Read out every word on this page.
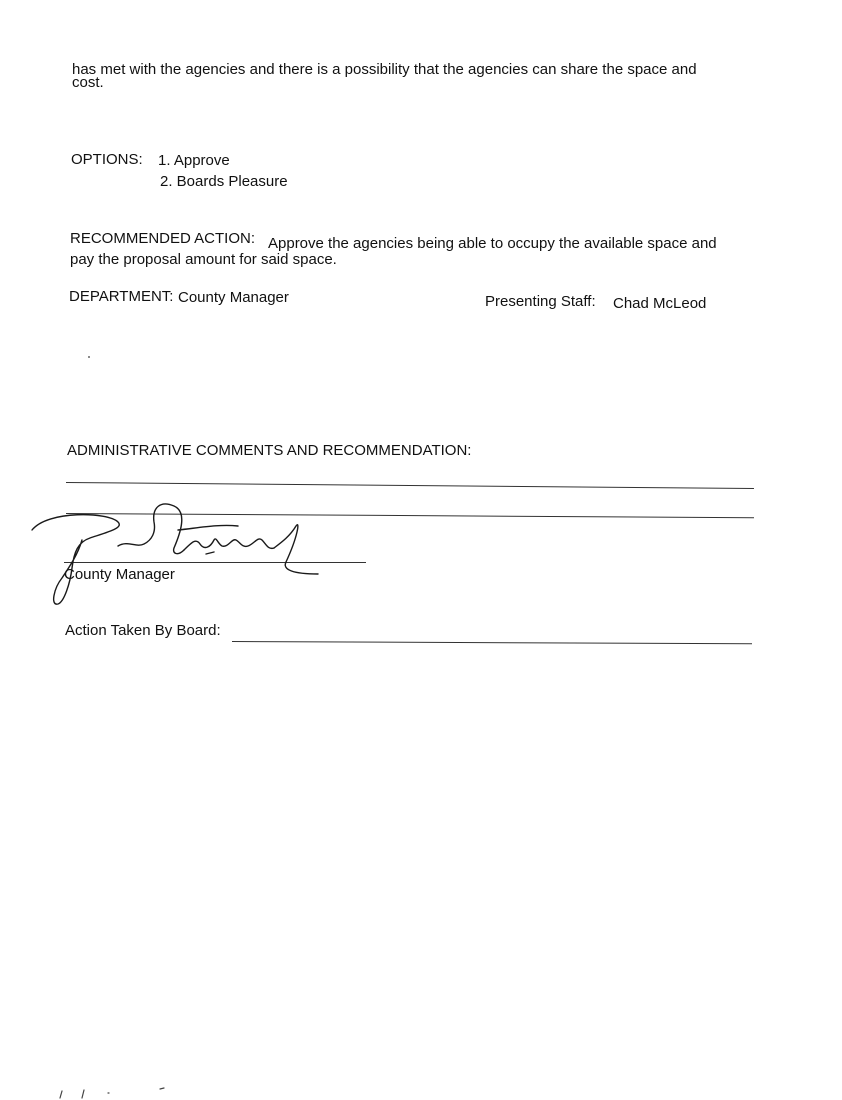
has met with the agencies and there is a possibility that the agencies can share the space and
cost.
OPTIONS: 1. Approve
2. Boards Pleasure
RECOMMENDED ACTION: Approve the agencies being able to occupy the available space and
pay the proposal amount for said space.
DEPARTMENT: County Manager	Presenting Staff: Chad McLeod
ADMINISTRATIVE COMMENTS AND RECOMMENDATION:
County Manager
Action Taken By Board:
